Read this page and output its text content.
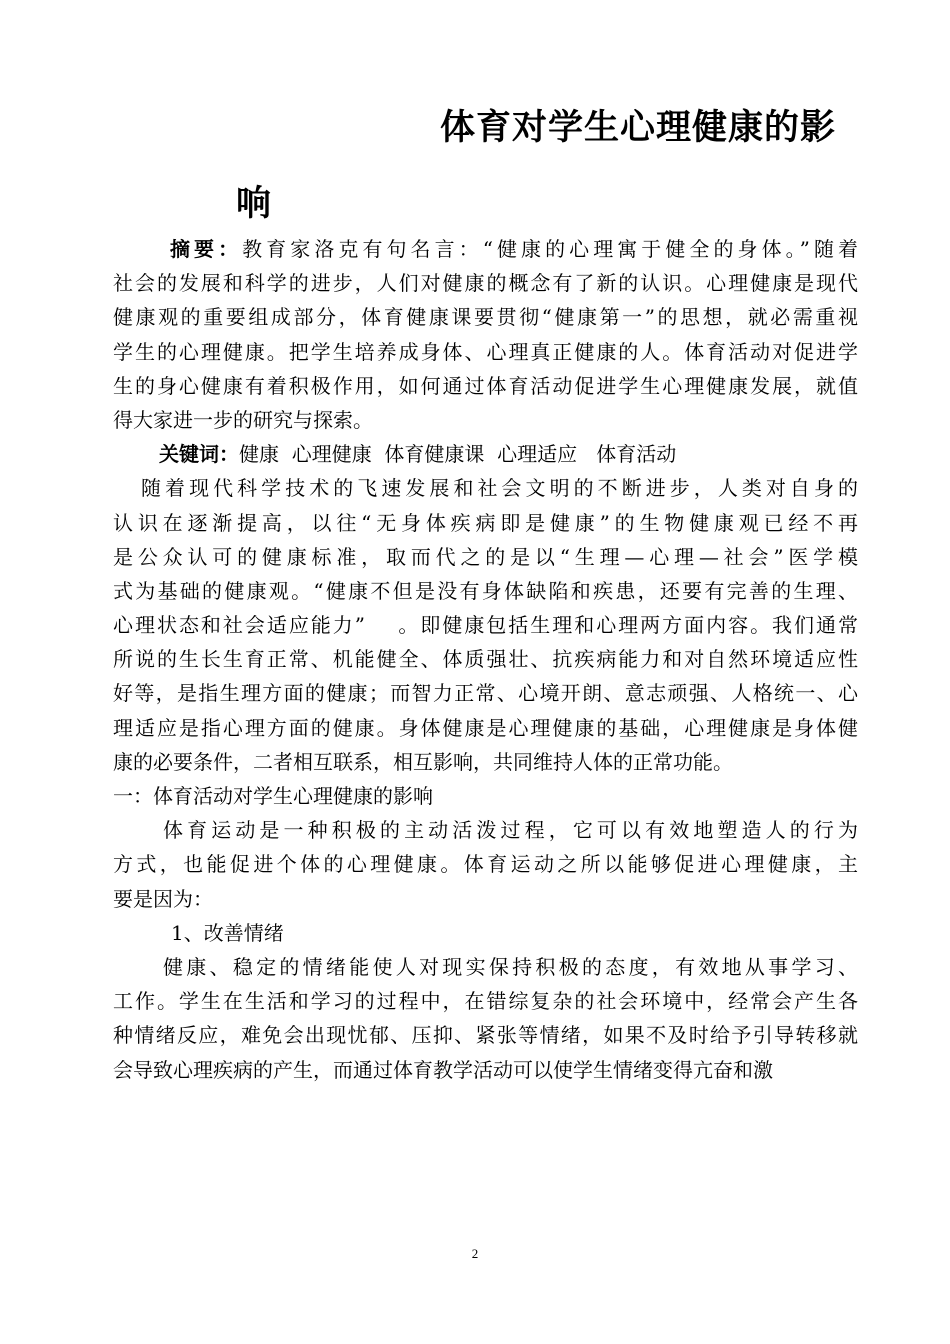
体育对学生心理健康的影
响
摘要：教育家洛克有句名言：“健康的心理寓于健全的身体。”随着
社会的发展和科学的进步，人们对健康的概念有了新的认识。心理健康是现代
健康观的重要组成部分，体育健康课要贯彻“健康第一”的思想，就必需重视
学生的心理健康。把学生培养成身体、心理真正健康的人。体育活动对促进学
生的身心健康有着积极作用，如何通过体育活动促进学生心理健康发展，就值
得大家进一步的研究与探索。
关键词：健康  心理健康  体育健康课  心理适应   体育活动
随着现代科学技术的飞速发展和社会文明的不断进步，人类对自身的
认识在逐渐提高，以往“无身体疾病即是健康”的生物健康观已经不再
是公众认可的健康标准，取而代之的是以“生理—心理—社会”医学模
式为基础的健康观。“健康不但是没有身体缺陷和疾患，还要有完善的生理、
心理状态和社会适应能力”    。即健康包括生理和心理两方面内容。我们通常
所说的生长生育正常、机能健全、体质强壮、抗疾病能力和对自然环境适应性
好等，是指生理方面的健康；而智力正常、心境开朗、意志顽强、人格统一、心
理适应是指心理方面的健康。身体健康是心理健康的基础，心理健康是身体健
康的必要条件，二者相互联系，相互影响，共同维持人体的正常功能。
一：体育活动对学生心理健康的影响
体育运动是一种积极的主动活泼过程，它可以有效地塑造人的行为
方式，也能促进个体的心理健康。体育运动之所以能够促进心理健康，主
要是因为：
1、改善情绪
健康、稳定的情绪能使人对现实保持积极的态度，有效地从事学习、
工作。学生在生活和学习的过程中，在错综复杂的社会环境中，经常会产生各
种情绪反应，难免会出现忧郁、压抑、紧张等情绪，如果不及时给予引导转移就
会导致心理疾病的产生，而通过体育教学活动可以使学生情绪变得亢奋和激
2
